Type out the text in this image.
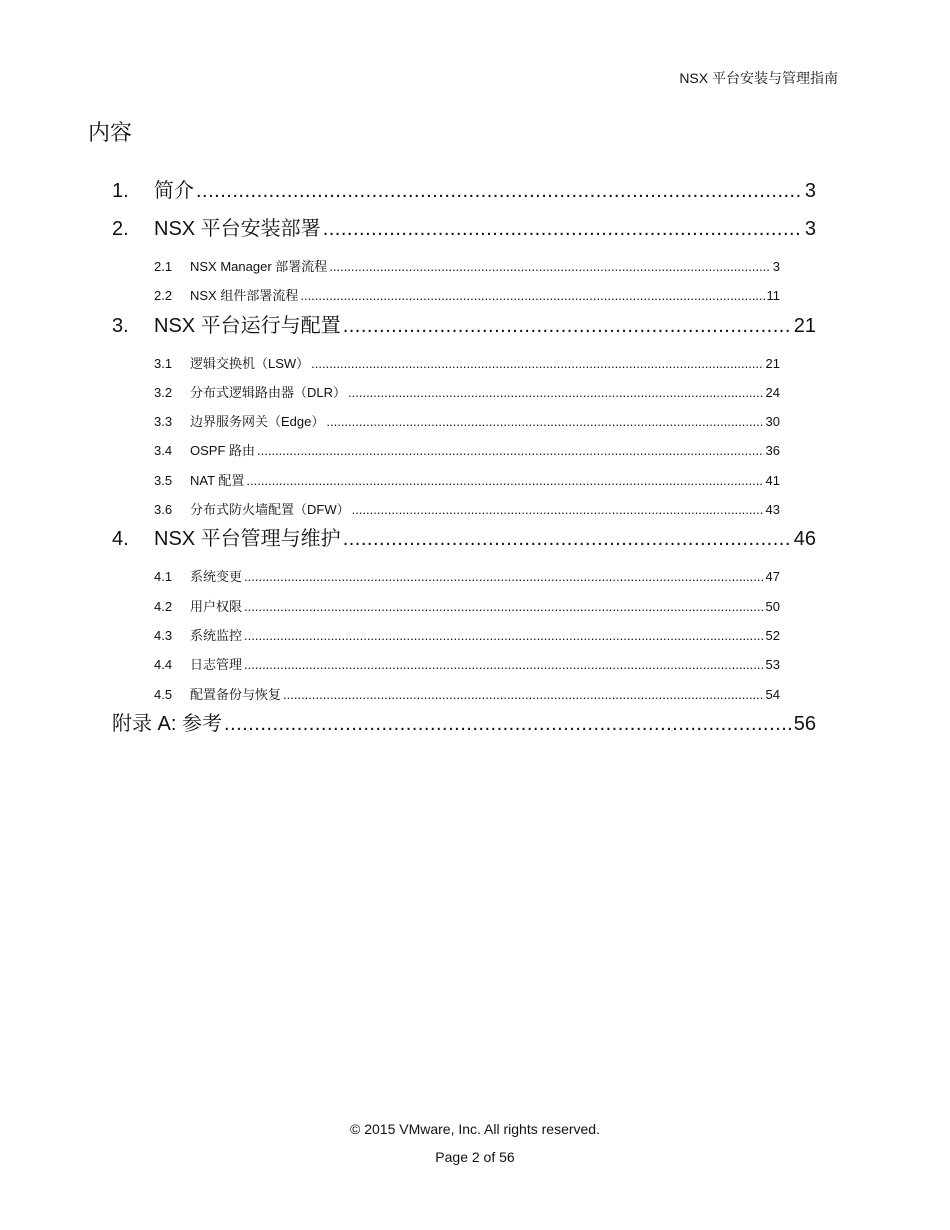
NSX 平台安装与管理指南
内容
1.	简介 .....	3
2.	NSX 平台安装部署 .....	3
2.1	NSX Manager 部署流程 .....	3
2.2	NSX 组件部署流程 .....	11
3.	NSX 平台运行与配置 .....	21
3.1	逻辑交换机（LSW） .....	21
3.2	分布式逻辑路由器（DLR） .....	24
3.3	边界服务网关（Edge） .....	30
3.4	OSPF 路由 .....	36
3.5	NAT 配置 .....	41
3.6	分布式防火墙配置（DFW） .....	43
4.	NSX 平台管理与维护 .....	46
4.1	系统变更 .....	47
4.2	用户权限 .....	50
4.3	系统监控 .....	52
4.4	日志管理 .....	53
4.5	配置备份与恢复 .....	54
附录 A: 参考 .....	56
© 2015 VMware, Inc. All rights reserved.
Page 2 of 56
